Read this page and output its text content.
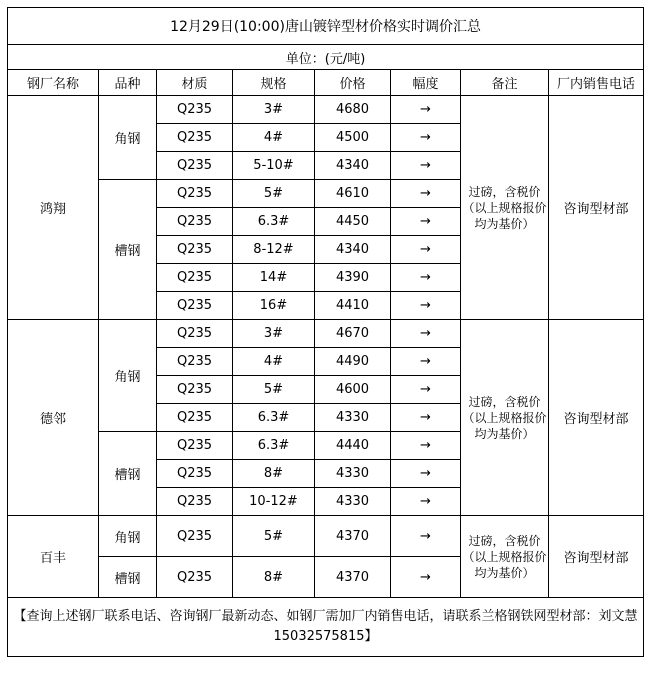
12月29日(10:00)唐山镀锌型材价格实时调价汇总							
单位：(元/吨)							
钢厂名称	品种	材质	规格	价格	幅度	备注	厂内销售电话
鸿翔	角钢	Q235	3#	4680	→	过磅，含税价（以上规格报价均为基价）	咨询型材部
		Q235	4#	4500	→		
		Q235	5-10#	4340	→		
	槽钢	Q235	5#	4610	→		
		Q235	6.3#	4450	→		
		Q235	8-12#	4340	→		
		Q235	14#	4390	→		
		Q235	16#	4410	→		
德邻	角钢	Q235	3#	4670	→	过磅，含税价（以上规格报价均为基价）	咨询型材部
		Q235	4#	4490	→		
		Q235	5#	4600	→		
		Q235	6.3#	4330	→		
	槽钢	Q235	6.3#	4440	→		
		Q235	8#	4330	→		
		Q235	10-12#	4330	→		
百丰	角钢	Q235	5#	4370	→	过磅，含税价（以上规格报价均为基价）	咨询型材部
	槽钢	Q235	8#	4370	→		
【查询上述钢厂联系电话、咨询钢厂最新动态、如钢厂需加厂内销售电话，请联系兰格钢铁网型材部：刘文慧15032575815】							
